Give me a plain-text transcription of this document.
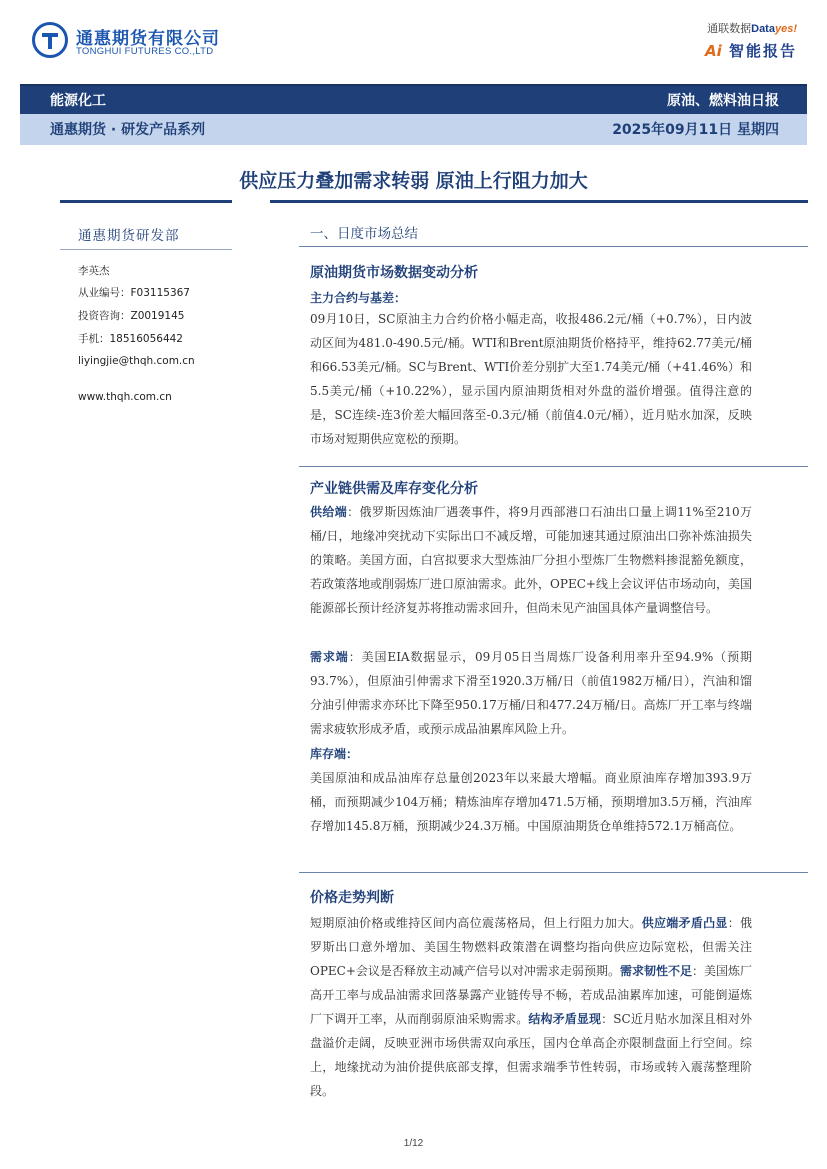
通惠期货有限公司
TONGHUI FUTURES CO.,LTD
通联数据Datayes!
Ai 智能报告
能源化工	原油、燃料油日报
通惠期货 · 研发产品系列	2025年09月11日 星期四
供应压力叠加需求转弱 原油上行阻力加大
通惠期货研发部
李英杰
从业编号：F03115367
投资咨询：Z0019145
手机：18516056442
liyingjie@thqh.com.cn
www.thqh.com.cn
一、日度市场总结
原油期货市场数据变动分析
主力合约与基差：
09月10日，SC原油主力合约价格小幅走高，收报486.2元/桶（+0.7%），日内波动区间为481.0-490.5元/桶。WTI和Brent原油期货价格持平，维持62.77美元/桶和66.53美元/桶。SC与Brent、WTI价差分别扩大至1.74美元/桶（+41.46%）和5.5美元/桶（+10.22%），显示国内原油期货相对外盘的溢价增强。值得注意的是，SC连续-连3价差大幅回落至-0.3元/桶（前值4.0元/桶），近月贴水加深，反映市场对短期供应宽松的预期。
产业链供需及库存变化分析
供给端：俄罗斯因炼油厂遇袭事件，将9月西部港口石油出口量上调11%至210万桶/日，地缘冲突扰动下实际出口不减反增，可能加速其通过原油出口弥补炼油损失的策略。美国方面，白宫拟要求大型炼油厂分担小型炼厂生物燃料掺混豁免额度，若政策落地或削弱炼厂进口原油需求。此外，OPEC+线上会议评估市场动向，美国能源部长预计经济复苏将推动需求回升，但尚未见产油国具体产量调整信号。
需求端：美国EIA数据显示，09月05日当周炼厂设备利用率升至94.9%（预期93.7%），但原油引伸需求下滑至1920.3万桶/日（前值1982万桶/日），汽油和馏分油引伸需求亦环比下降至950.17万桶/日和477.24万桶/日。高炼厂开工率与终端需求疲软形成矛盾，或预示成品油累库风险上升。
库存端：
美国原油和成品油库存总量创2023年以来最大增幅。商业原油库存增加393.9万桶，而预期减少104万桶；精炼油库存增加471.5万桶，预期增加3.5万桶，汽油库存增加145.8万桶，预期减少24.3万桶。中国原油期货仓单维持572.1万桶高位。
价格走势判断
短期原油价格或维持区间内高位震荡格局，但上行阻力加大。供应端矛盾凸显：俄罗斯出口意外增加、美国生物燃料政策潜在调整均指向供应边际宽松，但需关注OPEC+会议是否释放主动减产信号以对冲需求走弱预期。需求韧性不足：美国炼厂高开工率与成品油需求回落暴露产业链传导不畅，若成品油累库加速，可能倒逼炼厂下调开工率，从而削弱原油采购需求。结构矛盾显现：SC近月贴水加深且相对外盘溢价走阔，反映亚洲市场供需双向承压，国内仓单高企亦限制盘面上行空间。综上，地缘扰动为油价提供底部支撑，但需求端季节性转弱，市场或转入震荡整理阶段。
1/12
